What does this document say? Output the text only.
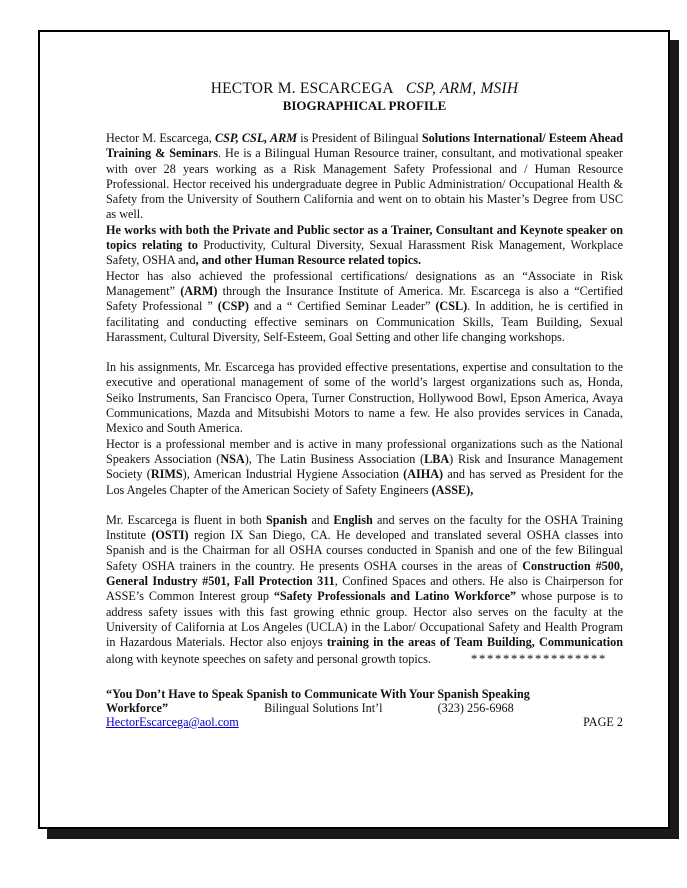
HECTOR M. ESCARCEGA CSP, ARM, MSIH

BIOGRAPHICAL PROFILE

Hector M. Escarcega, CSP, CSL, ARM is President of Bilingual Solutions International/ Esteem Ahead Training & Seminars. He is a Bilingual Human Resource trainer, consultant, and motivational speaker with over 28 years working as a Risk Management Safety Professional and / Human Resource Professional. Hector received his undergraduate degree in Public Administration/ Occupational Health & Safety from the University of Southern California and went on to obtain his Master’s Degree from USC as well.

He works with both the Private and Public sector as a Trainer, Consultant and Keynote speaker on topics relating to Productivity, Cultural Diversity, Sexual Harassment Risk Management, Workplace Safety, OSHA and, and other Human Resource related topics.

Hector has also achieved the professional certifications/ designations as an “Associate in Risk Management” (ARM) through the Insurance Institute of America. Mr. Escarcega is also a “Certified Safety Professional ” (CSP) and a “ Certified Seminar Leader” (CSL). In addition, he is certified in facilitating and conducting effective seminars on Communication Skills, Team Building, Sexual Harassment, Cultural Diversity, Self-Esteem, Goal Setting and other life changing workshops.

In his assignments, Mr. Escarcega has provided effective presentations, expertise and consultation to the executive and operational management of some of the world’s largest organizations such as, Honda, Seiko Instruments, San Francisco Opera, Turner Construction, Hollywood Bowl, Epson America, Avaya Communications, Mazda and Mitsubishi Motors to name a few. He also provides services in Canada, Mexico and South America.

Hector is a professional member and is active in many professional organizations such as the National Speakers Association (NSA), The Latin Business Association (LBA) Risk and Insurance Management Society (RIMS), American Industrial Hygiene Association (AIHA) and has served as President for the Los Angeles Chapter of the American Society of Safety Engineers (ASSE),

Mr. Escarcega is fluent in both Spanish and English and serves on the faculty for the OSHA Training Institute (OSTI) region IX San Diego, CA. He developed and translated several OSHA classes into Spanish and is the Chairman for all OSHA courses conducted in Spanish and one of the few Bilingual Safety OSHA trainers in the country. He presents OSHA courses in the areas of Construction #500, General Industry #501, Fall Protection 311, Confined Spaces and others. He also is Chairperson for ASSE’s Common Interest group “Safety Professionals and Latino Workforce” whose purpose is to address safety issues with this fast growing ethnic group. Hector also serves on the faculty at the University of California at Los Angeles (UCLA) in the Labor/ Occupational Safety and Health Program in Hazardous Materials. Hector also enjoys training in the areas of Team Building, Communication along with keynote speeches on safety and personal growth topics.	*****************

“You Don’t Have to Speak Spanish to Communicate With Your Spanish Speaking
Workforce”	Bilingual Solutions Int’l	(323) 256-6968
HectorEscarcega@aol.com	PAGE 2
